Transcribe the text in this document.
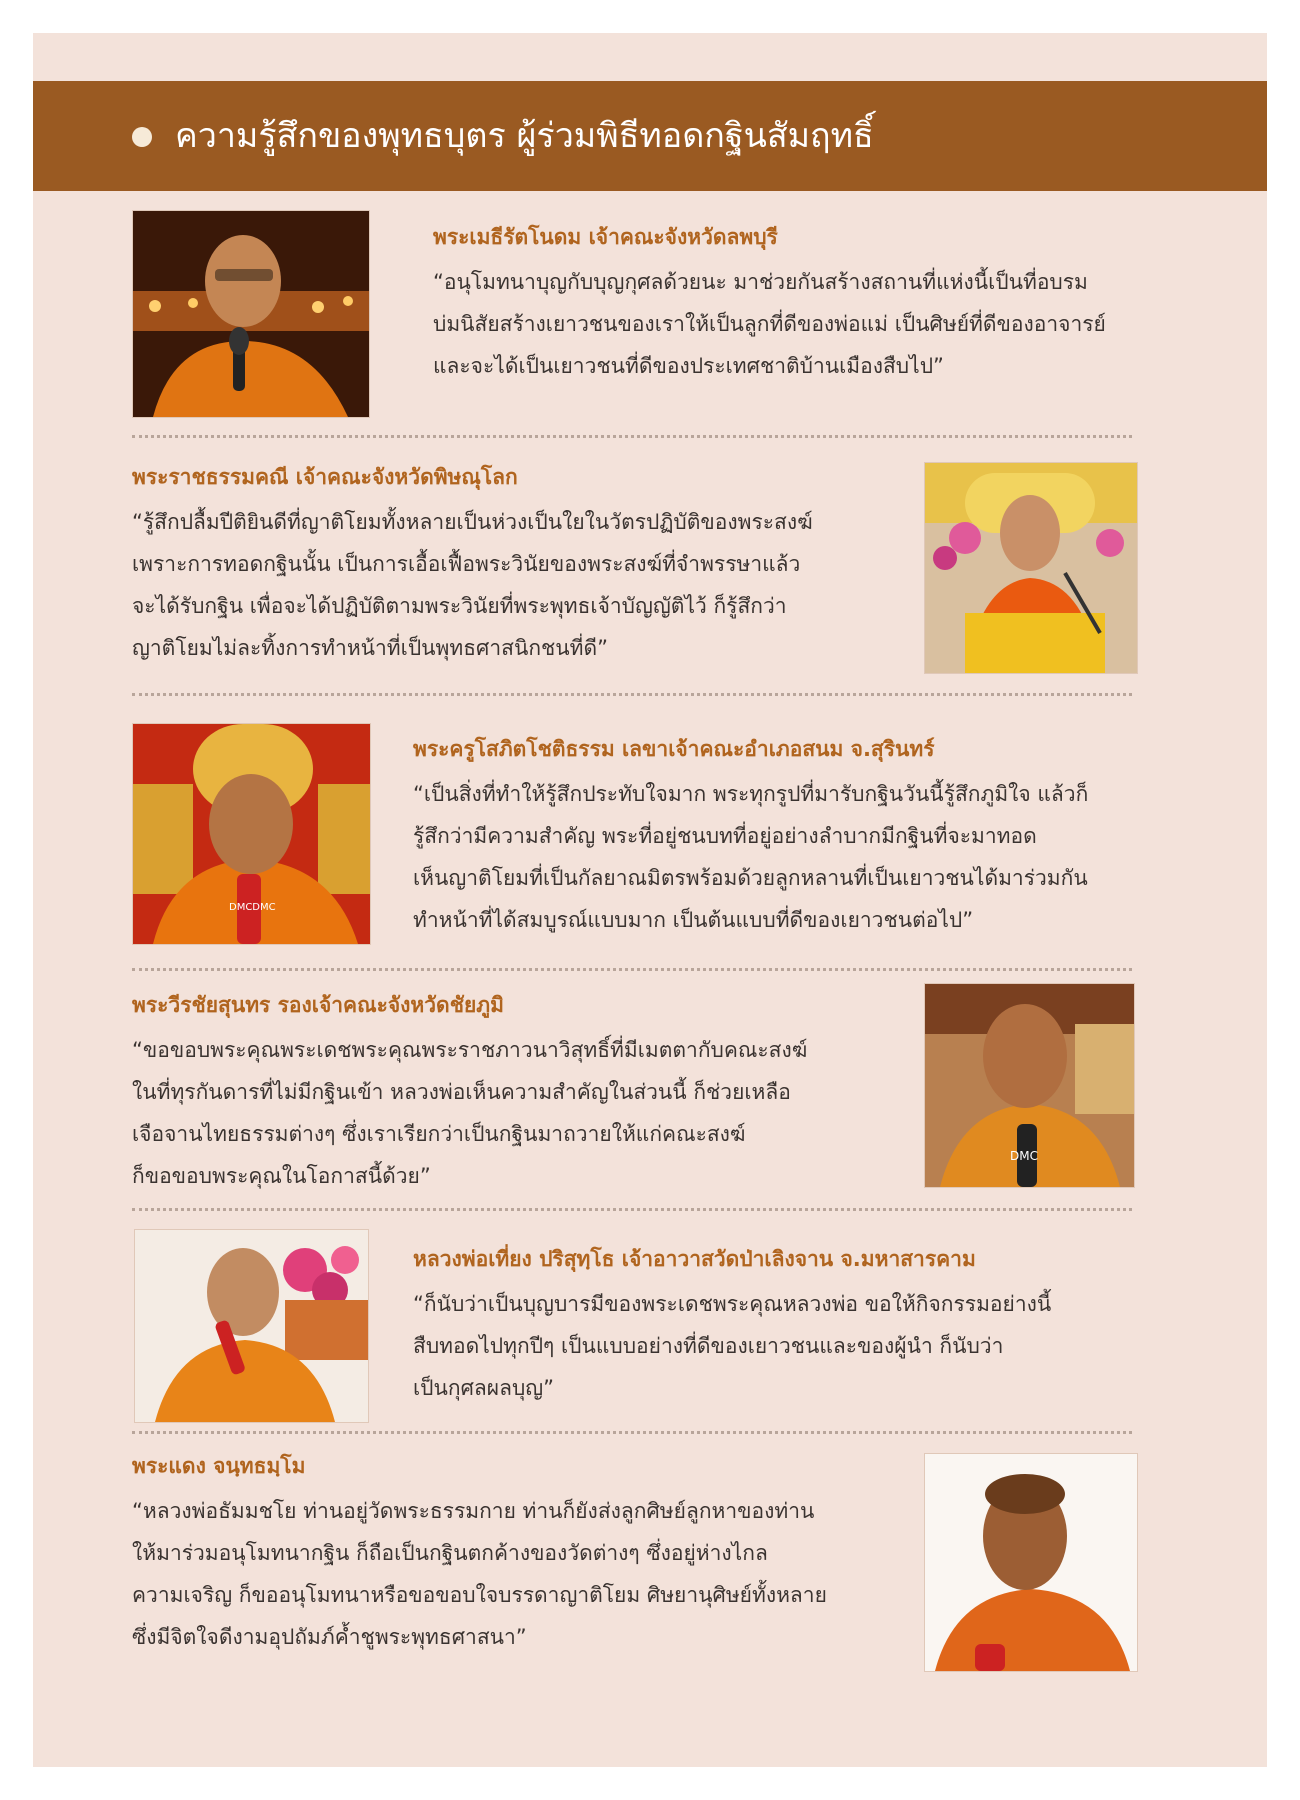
ความรู้สึกของพุทธบุตร ผู้ร่วมพิธีทอดกฐินสัมฤทธิ์
พระเมธีรัตโนดม เจ้าคณะจังหวัดลพบุรี
“อนุโมทนาบุญกับบุญกุศลด้วยนะ มาช่วยกันสร้างสถานที่แห่งนี้เป็นที่อบรม
บ่มนิสัยสร้างเยาวชนของเราให้เป็นลูกที่ดีของพ่อแม่ เป็นศิษย์ที่ดีของอาจารย์
และจะได้เป็นเยาวชนที่ดีของประเทศชาติบ้านเมืองสืบไป”
พระราชธรรมคณี เจ้าคณะจังหวัดพิษณุโลก
“รู้สึกปลื้มปีติยินดีที่ญาติโยมทั้งหลายเป็นห่วงเป็นใยในวัตรปฏิบัติของพระสงฆ์
เพราะการทอดกฐินนั้น เป็นการเอื้อเฟื้อพระวินัยของพระสงฆ์ที่จำพรรษาแล้ว
จะได้รับกฐิน เพื่อจะได้ปฏิบัติตามพระวินัยที่พระพุทธเจ้าบัญญัติไว้ ก็รู้สึกว่า
ญาติโยมไม่ละทิ้งการทำหน้าที่เป็นพุทธศาสนิกชนที่ดี”
DMCDMC
พระครูโสภิตโชติธรรม เลขาเจ้าคณะอำเภอสนม จ.สุรินทร์
“เป็นสิ่งที่ทำให้รู้สึกประทับใจมาก พระทุกรูปที่มารับกฐินวันนี้รู้สึกภูมิใจ แล้วก็
รู้สึกว่ามีความสำคัญ พระที่อยู่ชนบทที่อยู่อย่างลำบากมีกฐินที่จะมาทอด
เห็นญาติโยมที่เป็นกัลยาณมิตรพร้อมด้วยลูกหลานที่เป็นเยาวชนได้มาร่วมกัน
ทำหน้าที่ได้สมบูรณ์แบบมาก เป็นต้นแบบที่ดีของเยาวชนต่อไป”
พระวีรชัยสุนทร รองเจ้าคณะจังหวัดชัยภูมิ
“ขอขอบพระคุณพระเดชพระคุณพระราชภาวนาวิสุทธิ์ที่มีเมตตากับคณะสงฆ์
ในที่ทุรกันดารที่ไม่มีกฐินเข้า หลวงพ่อเห็นความสำคัญในส่วนนี้ ก็ช่วยเหลือ
เจือจานไทยธรรมต่างๆ ซึ่งเราเรียกว่าเป็นกฐินมาถวายให้แก่คณะสงฆ์
ก็ขอขอบพระคุณในโอกาสนี้ด้วย”
DMC
หลวงพ่อเที่ยง ปริสุทฺโธ เจ้าอาวาสวัดป่าเลิงจาน จ.มหาสารคาม
“ก็นับว่าเป็นบุญบารมีของพระเดชพระคุณหลวงพ่อ ขอให้กิจกรรมอย่างนี้
สืบทอดไปทุกปีๆ เป็นแบบอย่างที่ดีของเยาวชนและของผู้นำ ก็นับว่า
เป็นกุศลผลบุญ”
พระแดง จนฺทธมฺโม
“หลวงพ่อธัมมชโย ท่านอยู่วัดพระธรรมกาย ท่านก็ยังส่งลูกศิษย์ลูกหาของท่าน
ให้มาร่วมอนุโมทนากฐิน ก็ถือเป็นกฐินตกค้างของวัดต่างๆ ซึ่งอยู่ห่างไกล
ความเจริญ ก็ขออนุโมทนาหรือขอขอบใจบรรดาญาติโยม ศิษยานุศิษย์ทั้งหลาย
ซึ่งมีจิตใจดีงามอุปถัมภ์ค้ำชูพระพุทธศาสนา”
